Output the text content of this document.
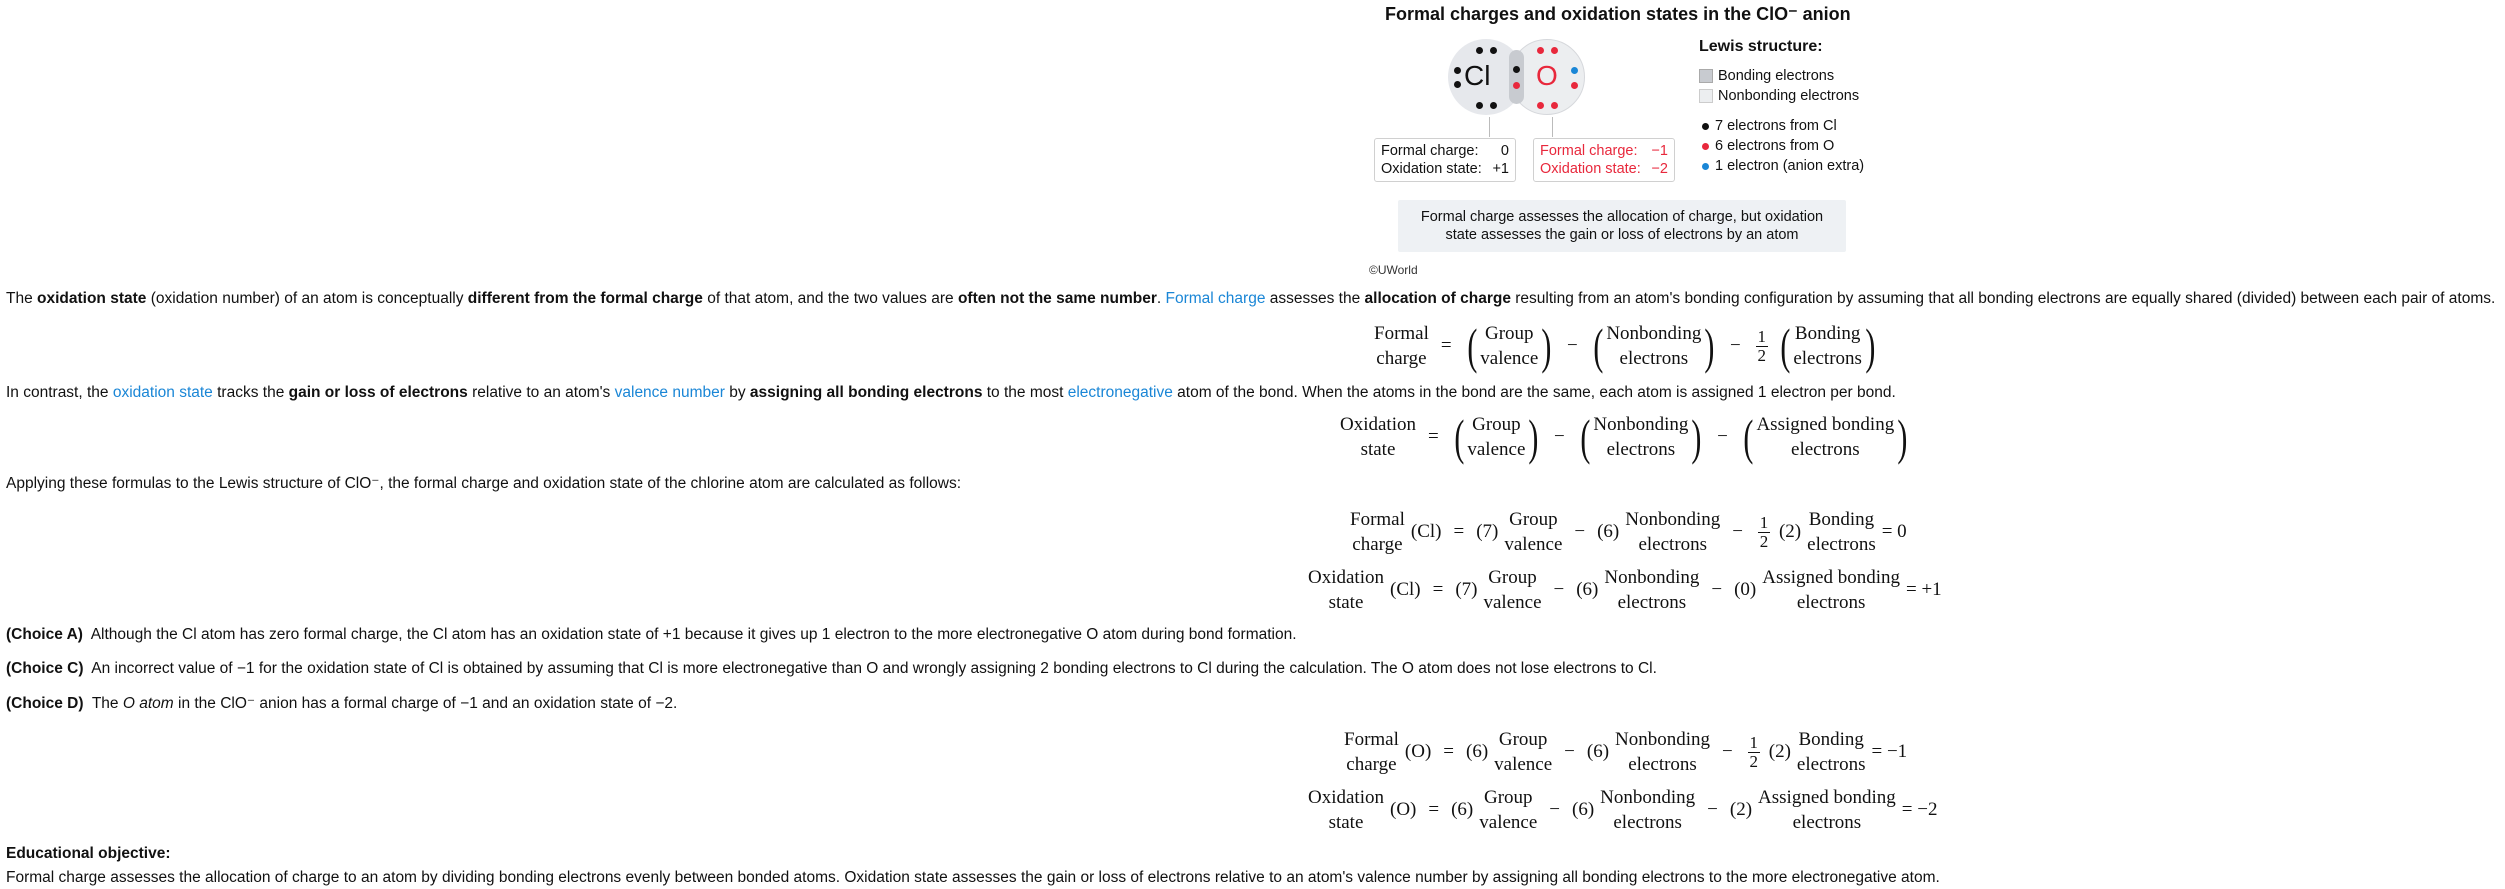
Formal charges and oxidation states in the ClO⁻ anion
Cl O
Formal charge: 0
Oxidation state: +1
Formal charge: −1
Oxidation state: −2
Lewis structure:
Bonding electrons
Nonbonding electrons
7 electrons from Cl
6 electrons from O
1 electron (anion extra)
Formal charge assesses the allocation of charge, but oxidation state assesses the gain or loss of electrons by an atom
©UWorld
The oxidation state (oxidation number) of an atom is conceptually different from the formal charge of that atom, and the two values are often not the same number. Formal charge assesses the allocation of charge resulting from an atom's bonding configuration by assuming that all bonding electrons are equally shared (divided) between each pair of atoms.
Formal
charge
= ( Group
valence ) − ( Nonbonding
electrons ) − 1
2 ( Bonding
electrons )
In contrast, the oxidation state tracks the gain or loss of electrons relative to an atom's valence number by assigning all bonding electrons to the most electronegative atom of the bond. When the atoms in the bond are the same, each atom is assigned 1 electron per bond.
Oxidation
state
= ( Group
valence ) − ( Nonbonding
electrons ) − ( Assigned bonding
electrons )
Applying these formulas to the Lewis structure of ClO⁻, the formal charge and oxidation state of the chlorine atom are calculated as follows:
Formal
charge
(Cl) = (7)
Group
valence
− (6)
Nonbonding
electrons
− 1
2 (2)
Bonding
electrons
= 0
Oxidation
state
(Cl) = (7)
Group
valence
− (6)
Nonbonding
electrons
− (0)
Assigned bonding
electrons
= +1
(Choice A) Although the Cl atom has zero formal charge, the Cl atom has an oxidation state of +1 because it gives up 1 electron to the more electronegative O atom during bond formation.
(Choice C) An incorrect value of −1 for the oxidation state of Cl is obtained by assuming that Cl is more electronegative than O and wrongly assigning 2 bonding electrons to Cl during the calculation. The O atom does not lose electrons to Cl.
(Choice D) The O atom in the ClO⁻ anion has a formal charge of −1 and an oxidation state of −2.
Formal
charge
(O) = (6)
Group
valence
− (6)
Nonbonding
electrons
− 1
2 (2)
Bonding
electrons
= −1
Oxidation
state
(O) = (6)
Group
valence
− (6)
Nonbonding
electrons
− (2)
Assigned bonding
electrons
= −2
Educational objective:
Formal charge assesses the allocation of charge to an atom by dividing bonding electrons evenly between bonded atoms. Oxidation state assesses the gain or loss of electrons relative to an atom's valence number by assigning all bonding electrons to the more electronegative atom.
